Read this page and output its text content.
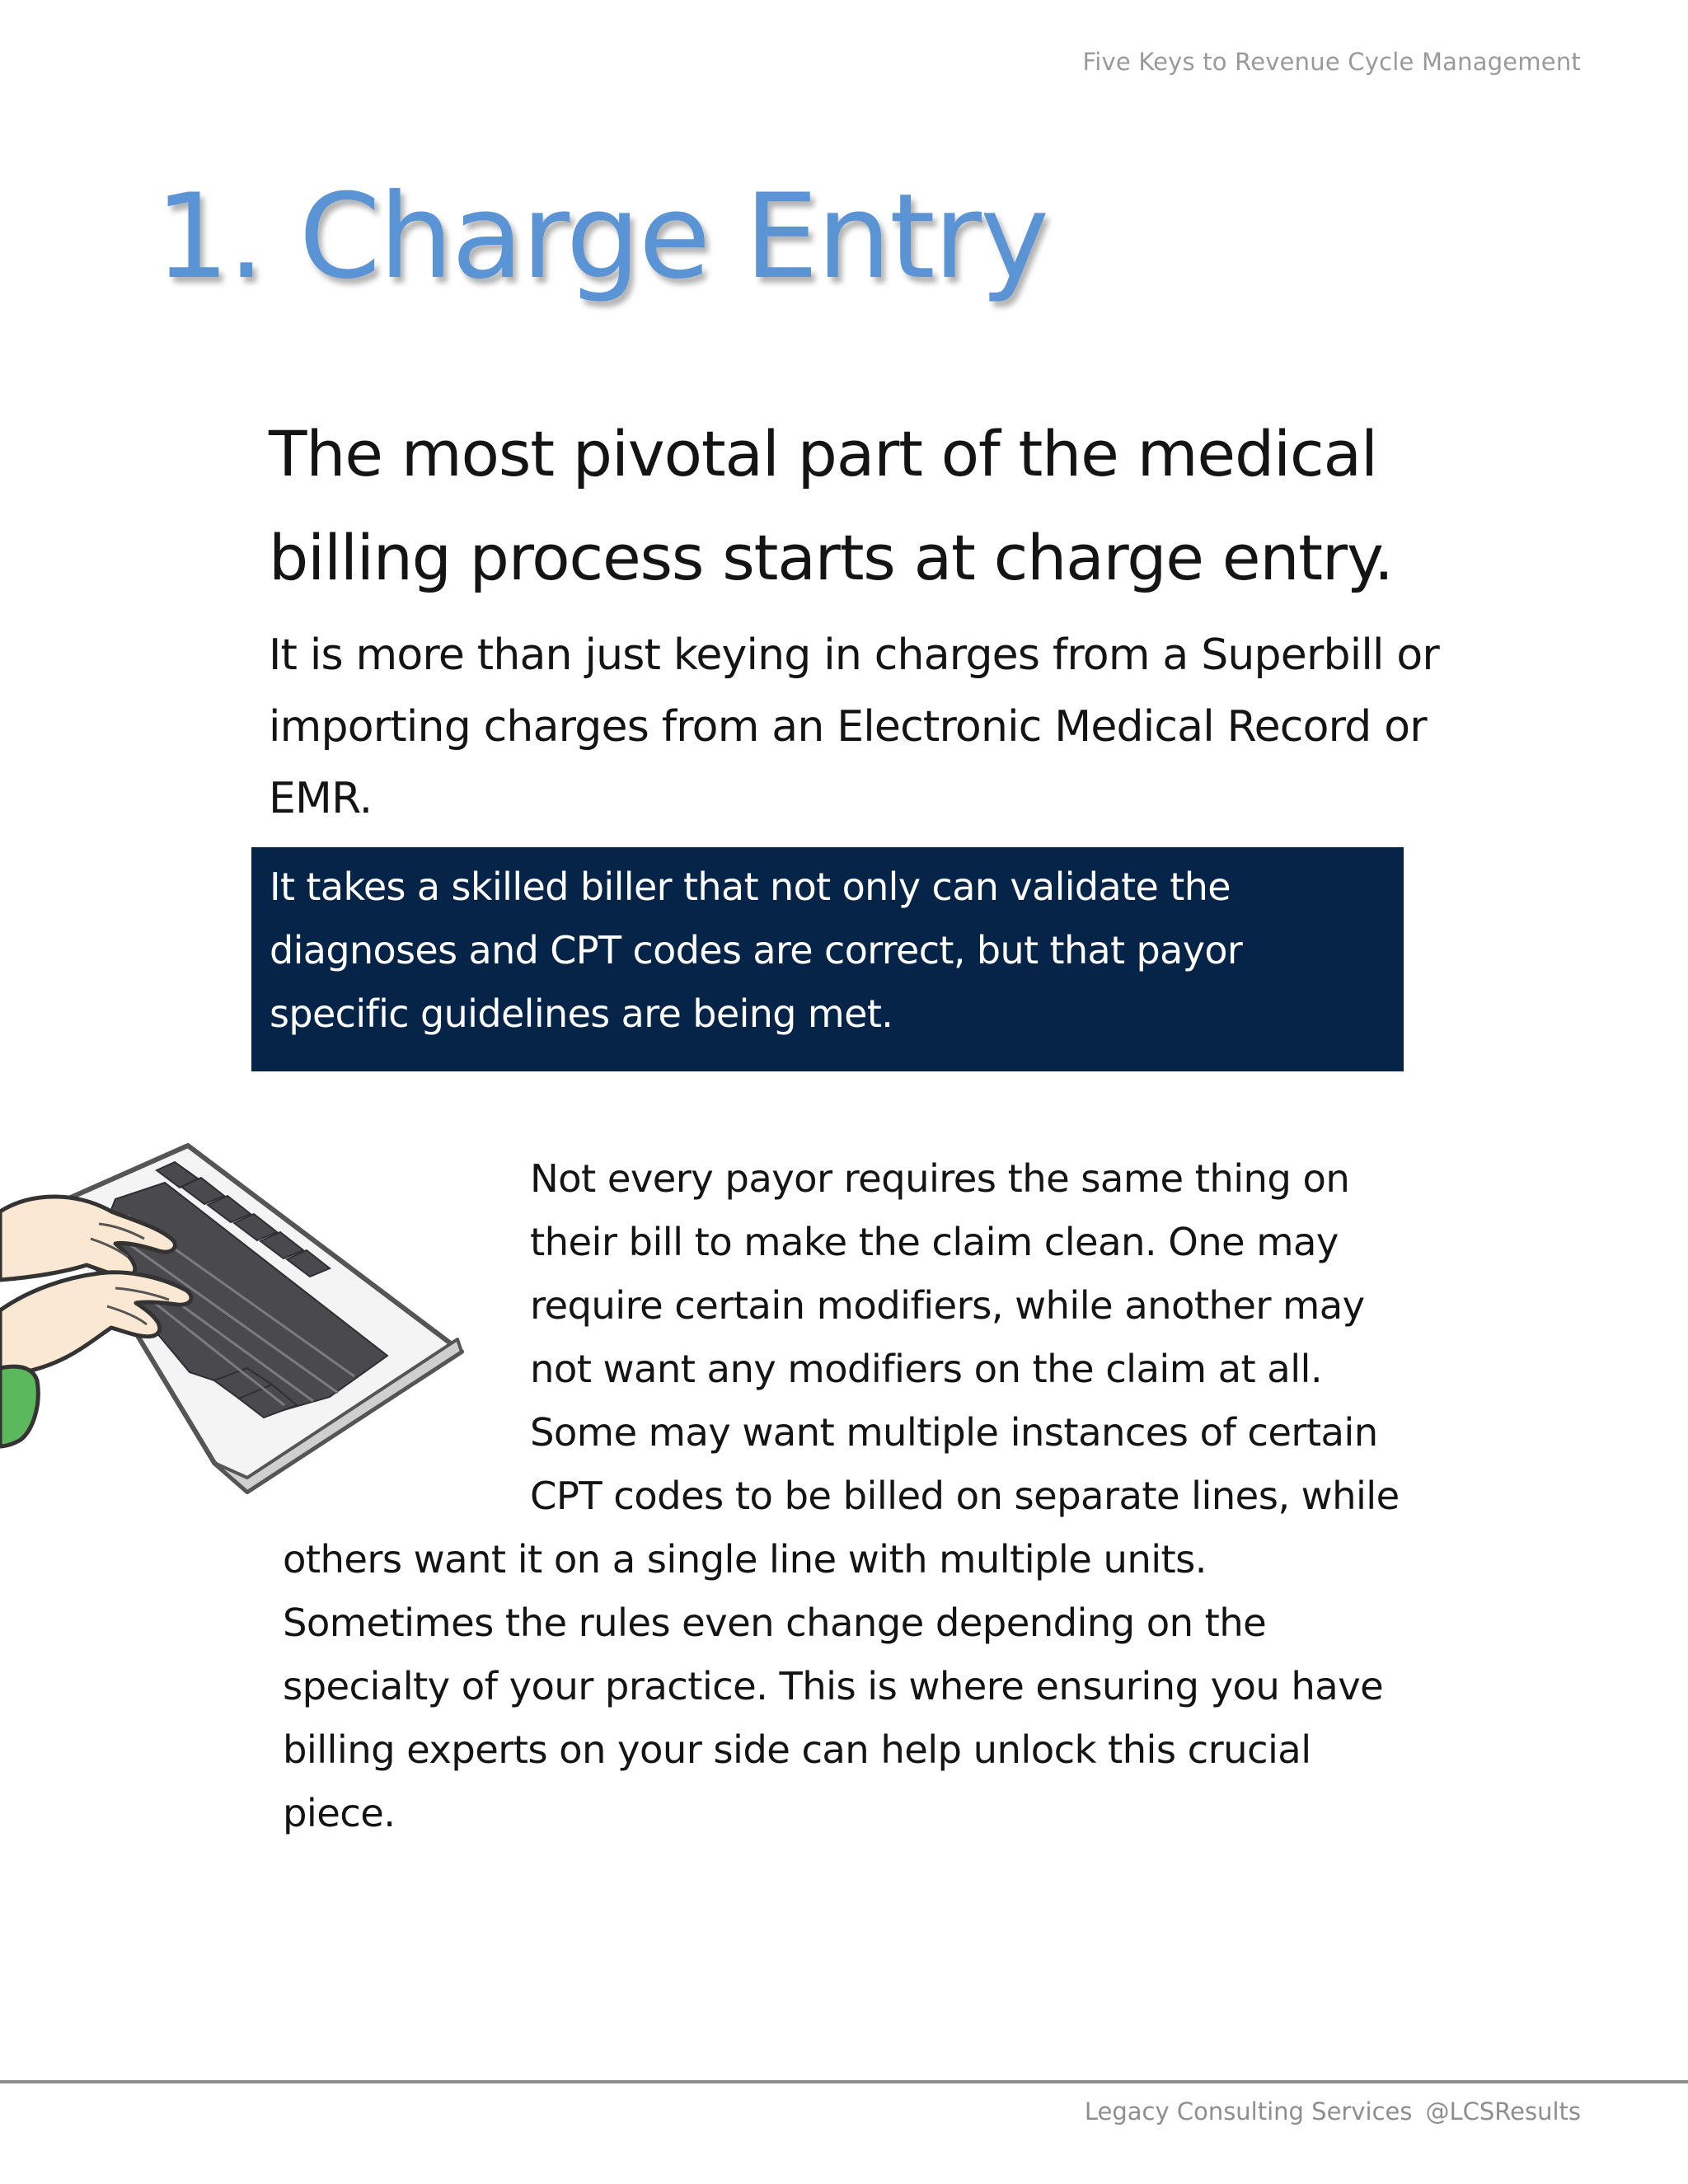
Five Keys to Revenue Cycle Management
1. Charge Entry

The most pivotal part of the medical billing process starts at charge entry.

It is more than just keying in charges from a Superbill or importing charges from an Electronic Medical Record or EMR.

It takes a skilled biller that not only can validate the diagnoses and CPT codes are correct, but that payor specific guidelines are being met.
Not every payor requires the same thing on their bill to make the claim clean. One may require certain modifiers, while another may not want any modifiers on the claim at all. Some may want multiple instances of certain CPT codes to be billed on separate lines, while others want it on a single line with multiple units. Sometimes the rules even change depending on the specialty of your practice. This is where ensuring you have billing experts on your side can help unlock this crucial piece.
Legacy Consulting Services @LCSResults
